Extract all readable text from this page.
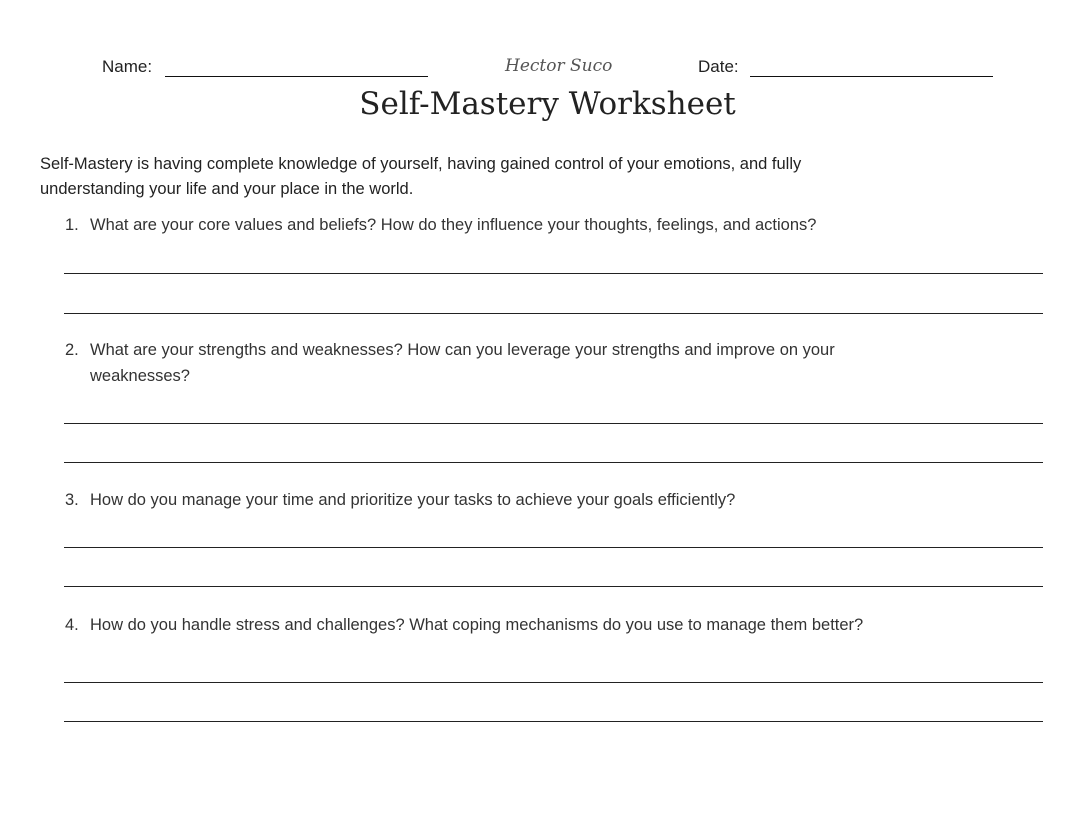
Name:	Hector Suco	Date:
Self-Mastery Worksheet
Self-Mastery is having complete knowledge of yourself, having gained control of your emotions, and fully
understanding your life and your place in the world.
1. What are your core values and beliefs? How do they influence your thoughts, feelings, and actions?
2. What are your strengths and weaknesses? How can you leverage your strengths and improve on your
weaknesses?
3. How do you manage your time and prioritize your tasks to achieve your goals efficiently?
4. How do you handle stress and challenges? What coping mechanisms do you use to manage them better?
